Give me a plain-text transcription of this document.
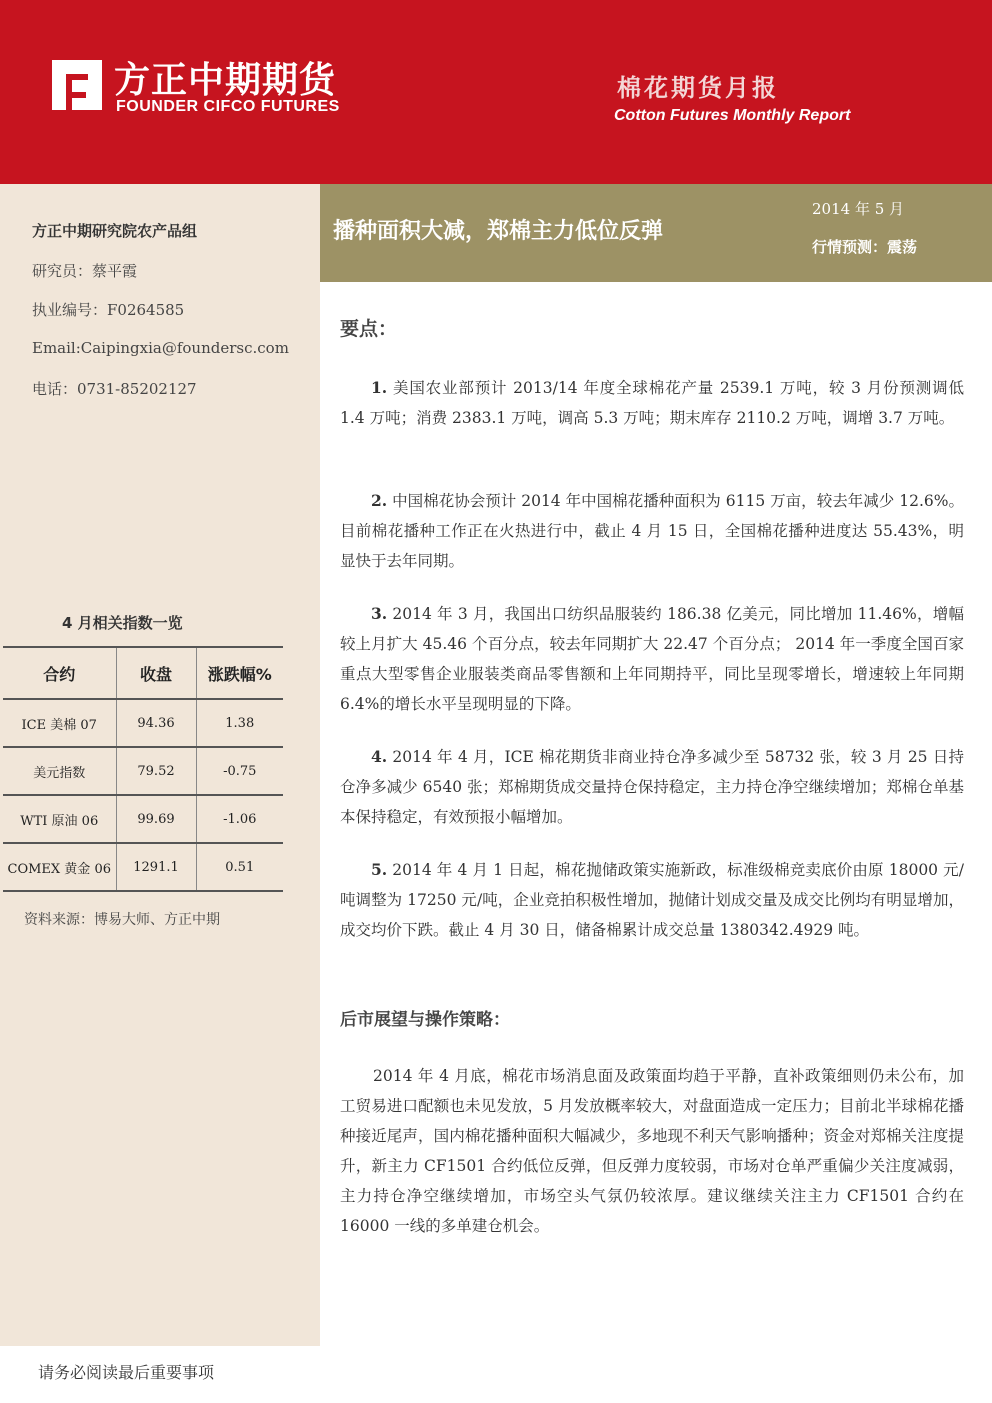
方正中期期货
FOUNDER CIFCO FUTURES
棉花期货月报
Cotton Futures Monthly Report
方正中期研究院农产品组
研究员：蔡平霞
执业编号：F0264585
Email:Caipingxia@foundersc.com
电话：0731-85202127
4 月相关指数一览
合约	收盘	涨跌幅%
ICE 美棉 07	94.36	1.38
美元指数	79.52	-0.75
WTI 原油 06	99.69	-1.06
COMEX 黄金 06	1291.1	0.51
资料来源：博易大师、方正中期
播种面积大减，郑棉主力低位反弹
2014 年 5 月
行情预测：震荡
要点：
1. 美国农业部预计 2013/14 年度全球棉花产量 2539.1 万吨，较 3 月份预测调低 1.4 万吨；消费 2383.1 万吨，调高 5.3 万吨；期末库存 2110.2 万吨，调增 3.7 万吨。
2. 中国棉花协会预计 2014 年中国棉花播种面积为 6115 万亩，较去年减少 12.6%。目前棉花播种工作正在火热进行中，截止 4 月 15 日，全国棉花播种进度达 55.43%，明显快于去年同期。
3. 2014 年 3 月，我国出口纺织品服装约 186.38 亿美元，同比增加 11.46%，增幅较上月扩大 45.46 个百分点，较去年同期扩大 22.47 个百分点； 2014 年一季度全国百家重点大型零售企业服装类商品零售额和上年同期持平，同比呈现零增长，增速较上年同期 6.4%的增长水平呈现明显的下降。
4. 2014 年 4 月，ICE 棉花期货非商业持仓净多减少至 58732 张，较 3 月 25 日持仓净多减少 6540 张；郑棉期货成交量持仓保持稳定，主力持仓净空继续增加；郑棉仓单基本保持稳定，有效预报小幅增加。
5. 2014 年 4 月 1 日起，棉花抛储政策实施新政，标准级棉竞卖底价由原 18000 元/吨调整为 17250 元/吨，企业竞拍积极性增加，抛储计划成交量及成交比例均有明显增加，成交均价下跌。截止 4 月 30 日，储备棉累计成交总量 1380342.4929 吨。
后市展望与操作策略：
2014 年 4 月底，棉花市场消息面及政策面均趋于平静，直补政策细则仍未公布，加工贸易进口配额也未见发放，5 月发放概率较大，对盘面造成一定压力；目前北半球棉花播种接近尾声，国内棉花播种面积大幅减少，多地现不利天气影响播种；资金对郑棉关注度提升，新主力 CF1501 合约低位反弹，但反弹力度较弱，市场对仓单严重偏少关注度减弱，主力持仓净空继续增加，市场空头气氛仍较浓厚。建议继续关注主力 CF1501 合约在 16000 一线的多单建仓机会。
请务必阅读最后重要事项
